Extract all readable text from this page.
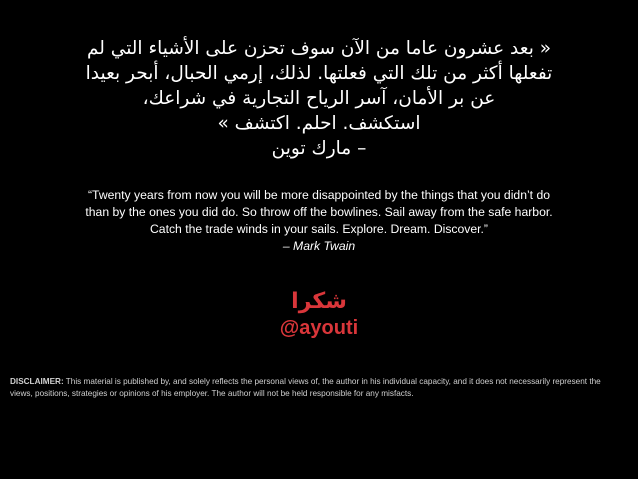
« بعد عشرون عاما من الآن سوف تحزن على الأشياء التي لم
تفعلها أكثر من تلك التي فعلتها. لذلك، إرمي الحبال، أبحر بعيدا
عن بر الأمان، آسر الرياح التجارية في شراعك،
استكشف. احلم. اكتشف »
– مارك توين
“Twenty years from now you will be more disappointed by the things that you didn’t do
than by the ones you did do. So throw off the bowlines. Sail away from the safe harbor.
Catch the trade winds in your sails. Explore. Dream. Discover.”
– Mark Twain
شكرا
@ayouti
DISCLAIMER: This material is published by, and solely reflects the personal views of, the author in his individual capacity, and it does not necessarily represent the views, positions, strategies or opinions of his employer. The author will not be held responsible for any misfacts.
